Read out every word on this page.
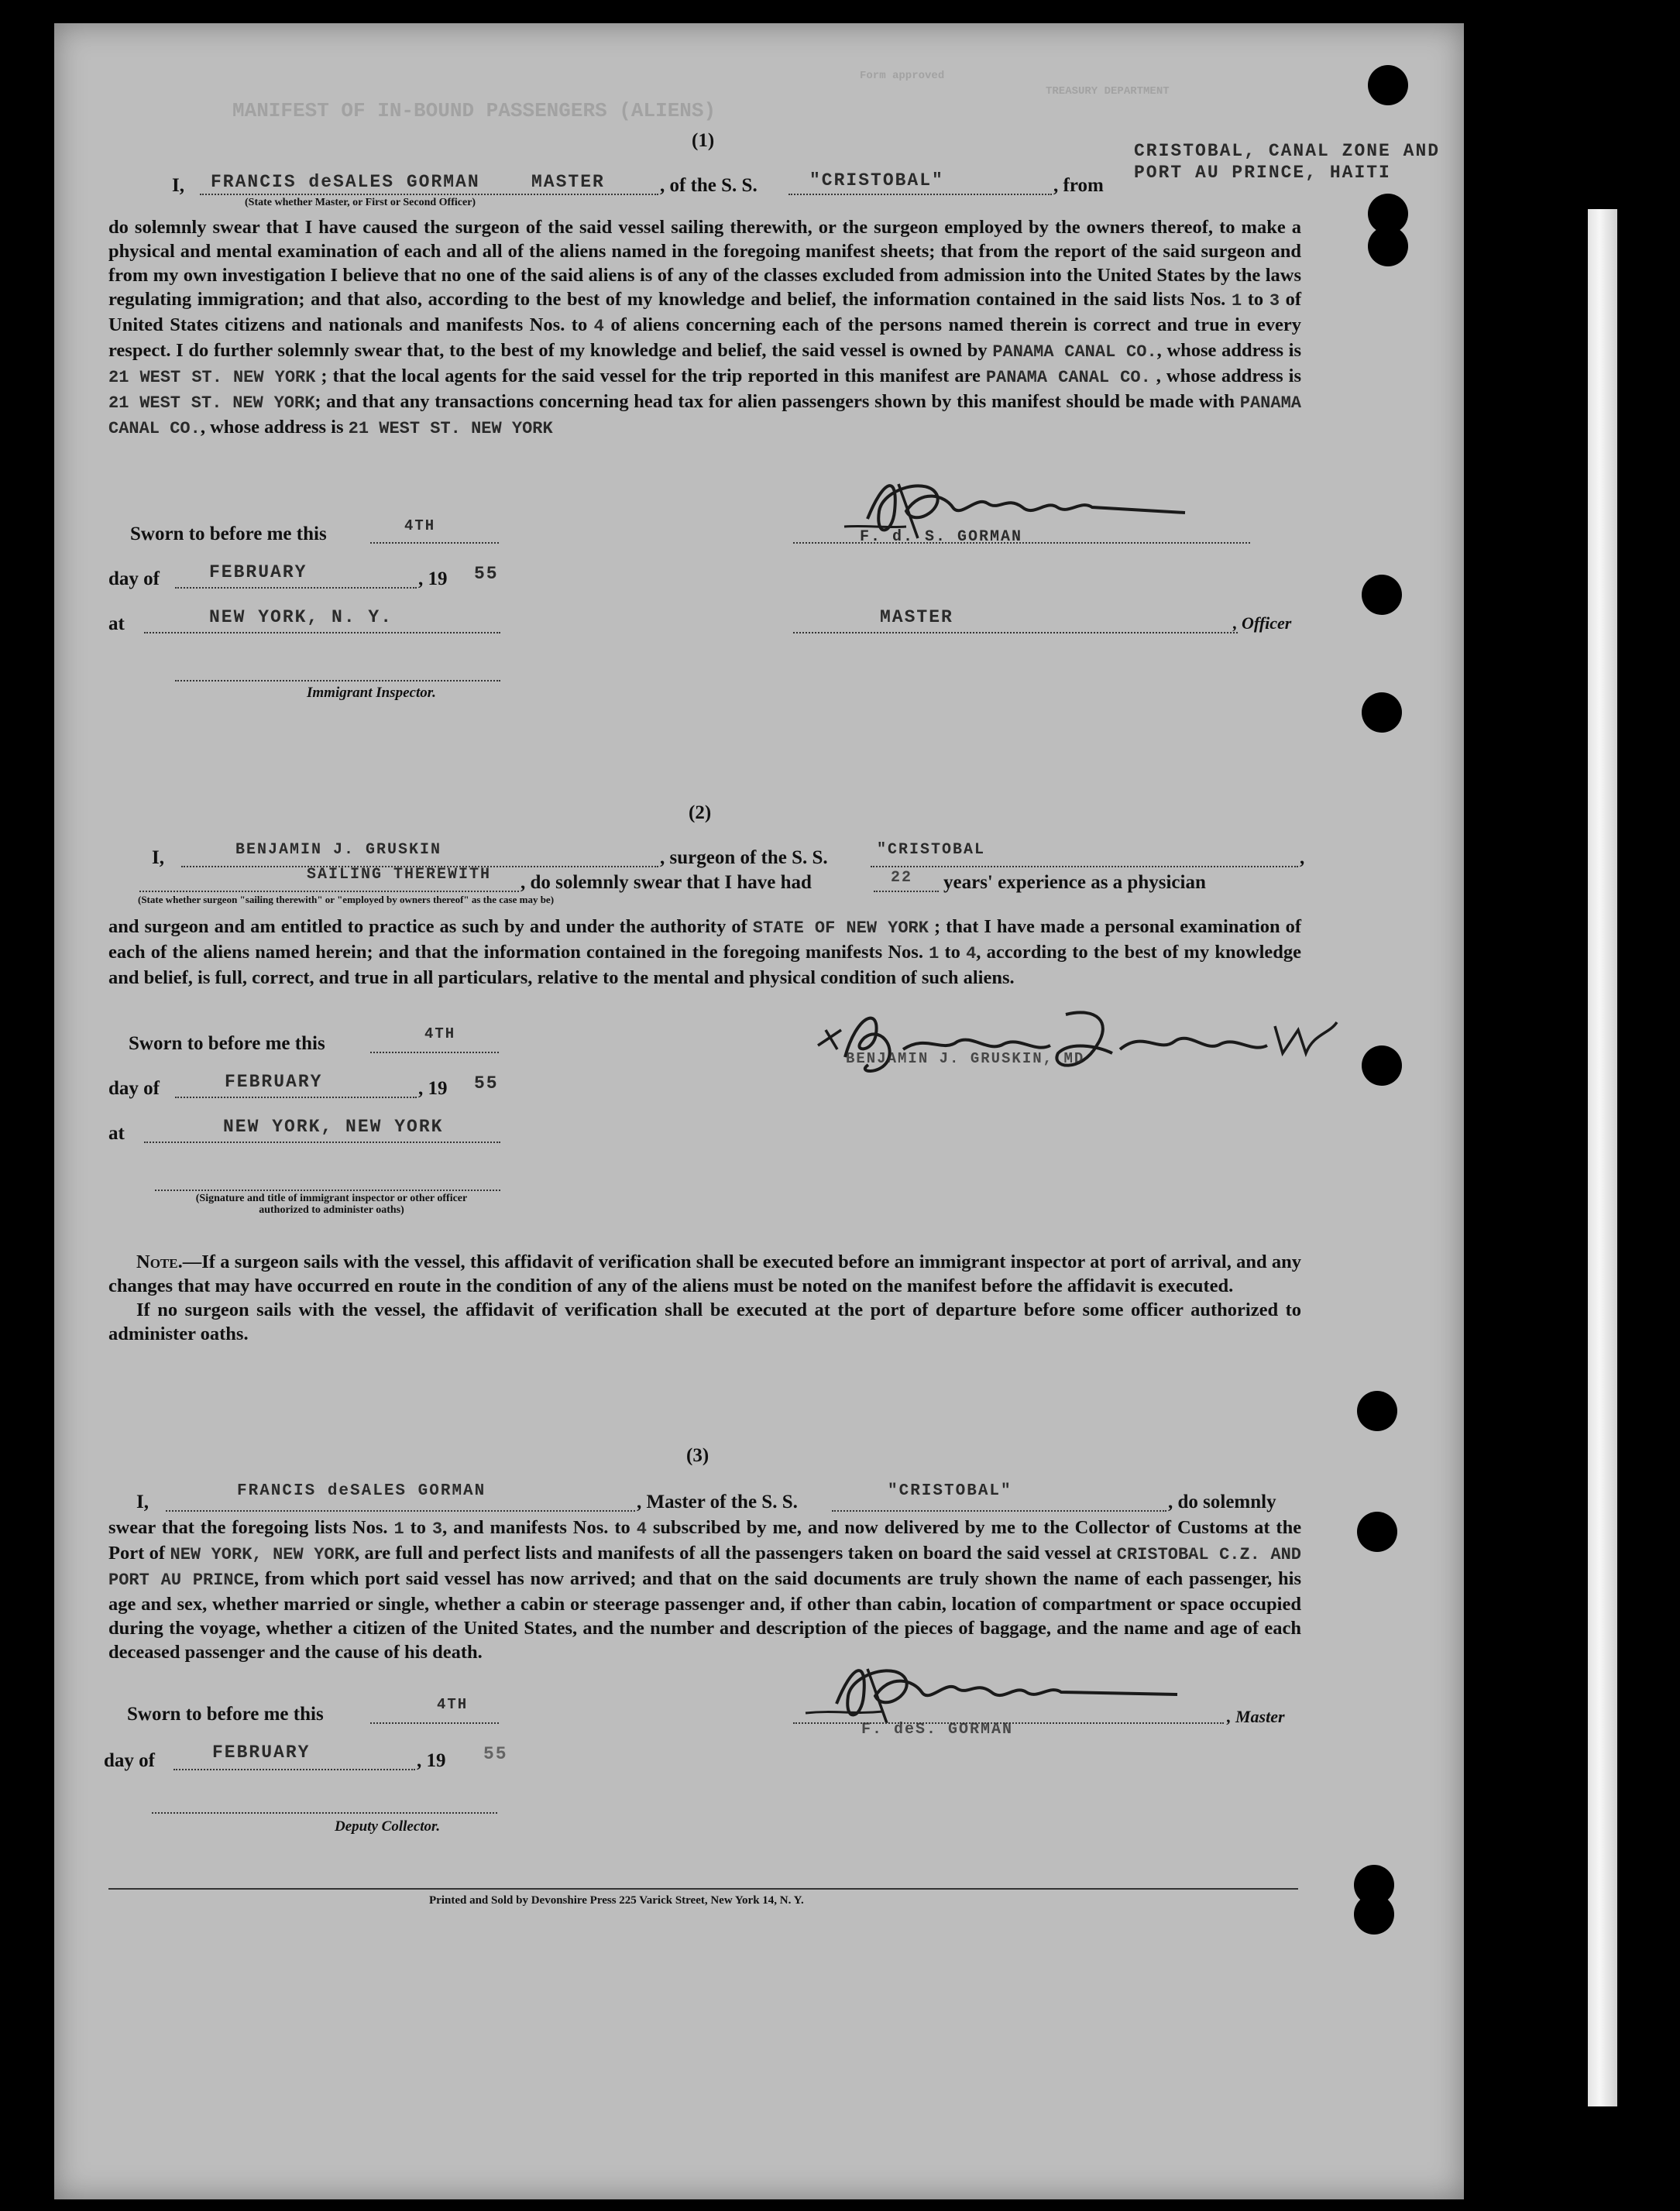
MANIFEST OF IN-BOUND PASSENGERS (ALIENS)
Form approved
TREASURY DEPARTMENT
(1)
I, FRANCIS deSALES GORMAN	MASTER
(State whether Master, or First or Second Officer)
, of the S. S.	"CRISTOBAL"	, from
CRISTOBAL, CANAL ZONE AND
PORT AU PRINCE, HAITI

do solemnly swear that I have caused the surgeon of the said vessel sailing therewith, or the surgeon employed by the owners thereof, to make a physical and mental examination of each and all of the aliens named in the foregoing manifest sheets; that from the report of the said surgeon and from my own investigation I believe that no one of the said aliens is of any of the classes excluded from admission into the United States by the laws regulating immigration; and that also, according to the best of my knowledge and belief, the information contained in the said lists Nos. 1 to 3 of United States citizens and nationals and manifests Nos. to 4 of aliens concerning each of the persons named therein is correct and true in every respect. I do further solemnly swear that, to the best of my knowledge and belief, the said vessel is owned by PANAMA CANAL CO., whose address is 21 WEST ST. NEW YORK ; that the local agents for the said vessel for the trip reported in this manifest are PANAMA CANAL CO. , whose address is 21 WEST ST. NEW YORK; and that any transactions concerning head tax for alien passengers shown by this manifest should be made with PANAMA CANAL CO., whose address is 21 WEST ST. NEW YORK

Sworn to before me this	4TH
day of	FEBRUARY	, 19 55
at	NEW YORK, N. Y.
Immigrant Inspector.
F. d. S. GORMAN
MASTER	, Officer
(2)
I,	BENJAMIN J. GRUSKIN	, surgeon of the S. S.	"CRISTOBAL	,
SAILING THEREWITH
(State whether surgeon "sailing therewith" or "employed by owners thereof" as the case may be)
, do solemnly swear that I have had	22 years' experience as a physician

and surgeon and am entitled to practice as such by and under the authority of STATE OF NEW YORK ; that I have made a personal examination of each of the aliens named herein; and that the information contained in the foregoing manifests Nos. 1 to 4, according to the best of my knowledge and belief, is full, correct, and true in all particulars, relative to the mental and physical condition of such aliens.

Sworn to before me this	4TH
day of	FEBRUARY	, 19 55
at	NEW YORK, NEW YORK
(Signature and title of immigrant inspector or other officer authorized to administer oaths)
BENJAMIN J. GRUSKIN, MD

Note.—If a surgeon sails with the vessel, this affidavit of verification shall be executed before an immigrant inspector at port of arrival, and any changes that may have occurred en route in the condition of any of the aliens must be noted on the manifest before the affidavit is executed.

If no surgeon sails with the vessel, the affidavit of verification shall be executed at the port of departure before some officer authorized to administer oaths.

(3)
I,
FRANCIS deSALES GORMAN
, Master of the S. S.
"CRISTOBAL"
, do solemnly

swear that the foregoing lists Nos. 1 to 3, and manifests Nos. to 4 subscribed by me, and now delivered by me to the Collector of Customs at the Port of NEW YORK, NEW YORK, are full and perfect lists and manifests of all the passengers taken on board the said vessel at CRISTOBAL C.Z. AND PORT AU PRINCE, from which port said vessel has now arrived; and that on the said documents are truly shown the name of each passenger, his age and sex, whether married or single, whether a cabin or steerage passenger and, if other than cabin, location of compartment or space occupied during the voyage, whether a citizen of the United States, and the number and description of the pieces of baggage, and the name and age of each deceased passenger and the cause of his death.

Sworn to before me this	4TH
day of	FEBRUARY	, 19 55
Deputy Collector.
F. deS. GORMAN
, Master
Printed and Sold by Devonshire Press 225 Varick Street, New York 14, N. Y.
